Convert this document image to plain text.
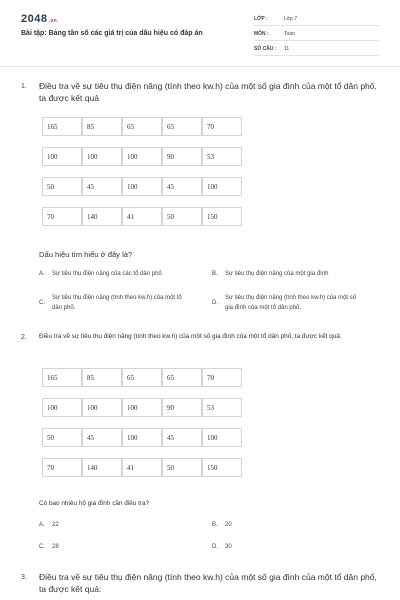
2048.vn
Bài tập: Bảng tần số các giá trị của dấu hiệu có đáp án
LỚP :	Lớp 7
MÔN :	Toán
SỐ CÂU : 11
1. Điều tra về sự tiêu thụ điện năng (tính theo kw.h) của một số gia đình của một tổ dân phố, ta được kết quả
165	85	65	65	70
100	100	100	90	53
50	45	100	45	100
70	140	41	50	150
Dấu hiệu tìm hiểu ở đây là?
A. Sự tiêu thụ điện năng của các tổ dân phố	B. Sự tiêu thụ điện năng của một gia đình
C.
Sự tiêu thụ điện năng (tính theo kw.h) của một tổ dân phố.
D.
Sự tiêu thụ điện năng (tính theo kw.h) của một số gia đình của một tổ dân phố.
2. Điều tra về sự tiêu thụ điện năng (tính theo kw.h) của một số gia đình của một tổ dân phố, ta được kết quả:
165	85	65	65	70
100	100	100	90	53
50	45	100	45	100
70	140	41	50	150
Có bao nhiêu hộ gia đình cần điều tra?
A. 22	B. 20
C. 28	D. 30
3. Điều tra về sự tiêu thụ điện năng (tính theo kw.h) của một số gia đình của một tổ dân phố, ta được kết quả:
